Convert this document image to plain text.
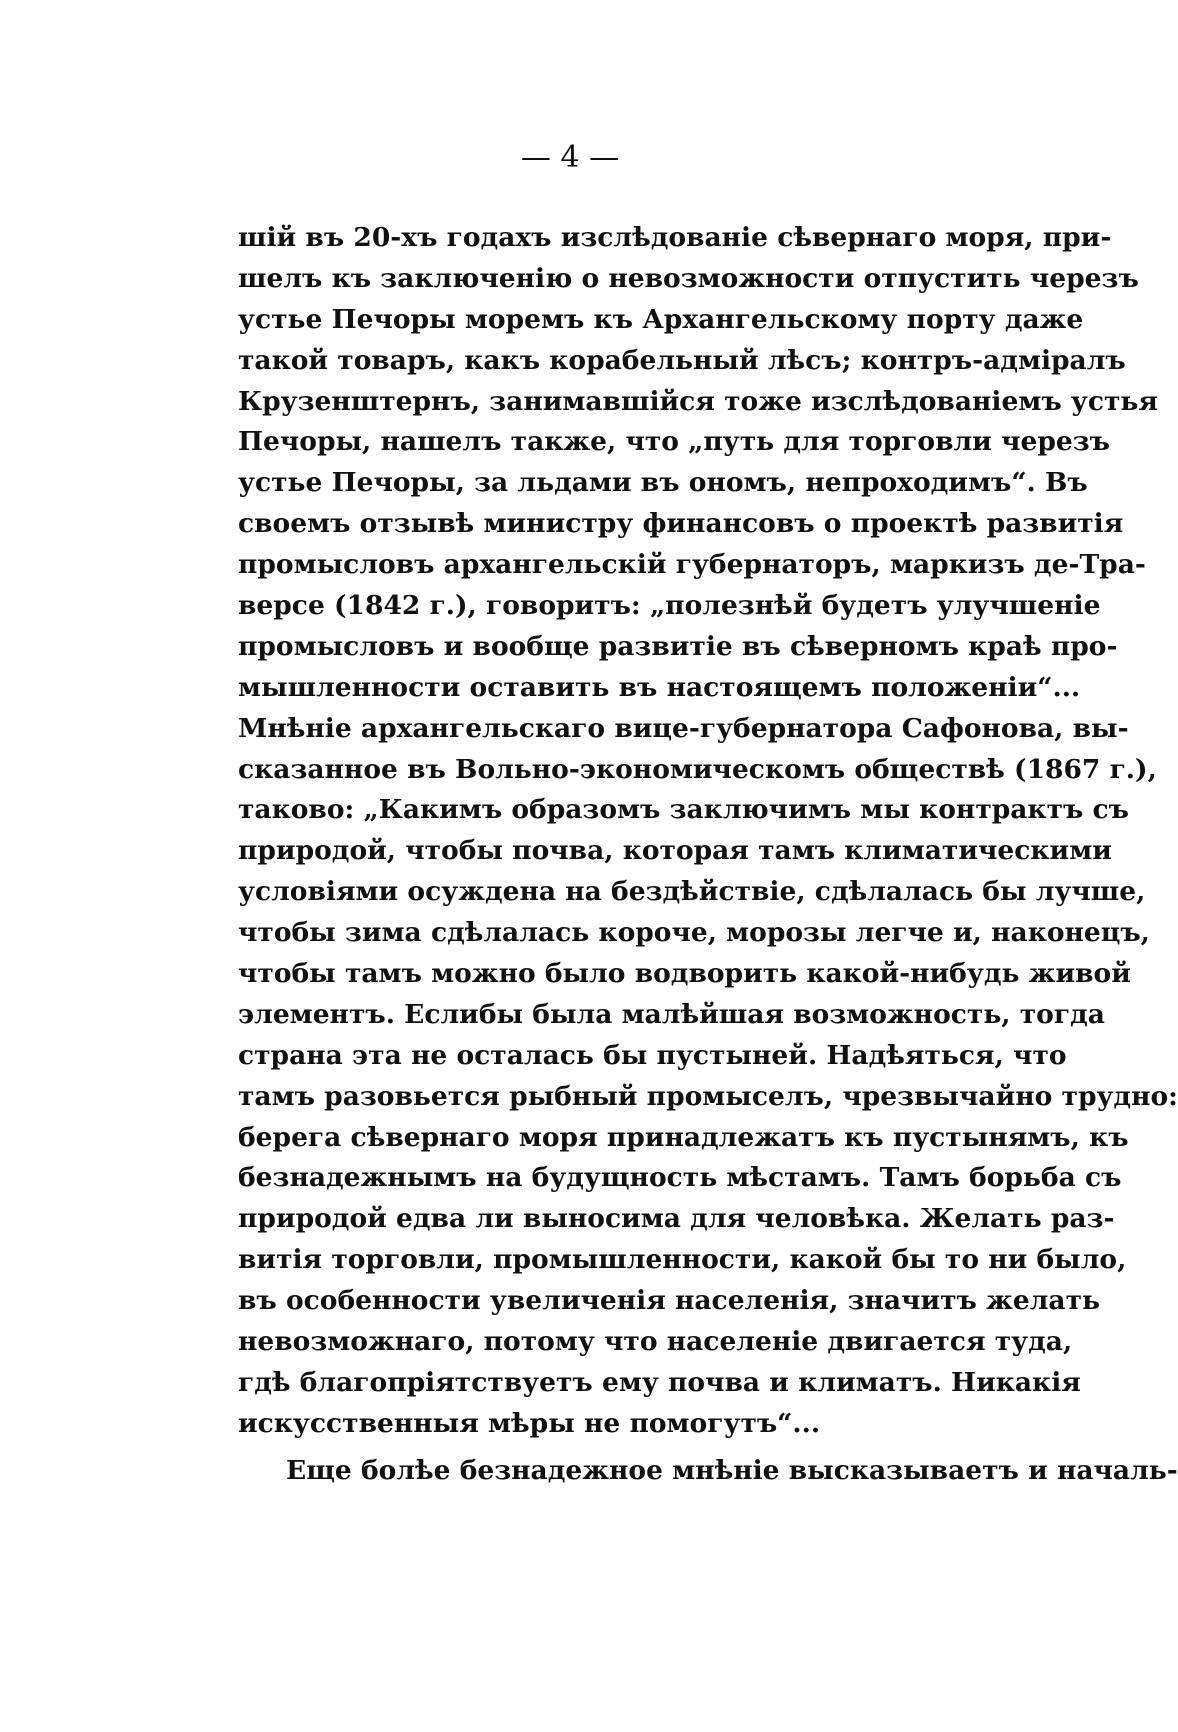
— 4 —
шій въ 20-хъ годахъ изслѣдованіе сѣвернаго моря, при-
шелъ къ заключенію о невозможности отпустить черезъ
устье Печоры моремъ къ Архангельскому порту даже
такой товаръ, какъ корабельный лѣсъ; контръ-адміралъ
Крузенштернъ, занимавшійся тоже изслѣдованіемъ устья
Печоры, нашелъ также, что „путь для торговли черезъ
устье Печоры, за льдами въ ономъ, непроходимъ“. Въ
своемъ отзывѣ министру финансовъ о проектѣ развитія
промысловъ архангельскій губернаторъ, маркизъ де-Тра-
версе (1842 г.), говоритъ: „полезнѣй будетъ улучшеніе
промысловъ и вообще развитіе въ сѣверномъ краѣ про-
мышленности оставить въ настоящемъ положеніи“...
Мнѣніе архангельскаго вице-губернатора Сафонова, вы-
сказанное въ Вольно-экономическомъ обществѣ (1867 г.),
таково: „Какимъ образомъ заключимъ мы контрактъ съ
природой, чтобы почва, которая тамъ климатическими
условіями осуждена на бездѣйствіе, сдѣлалась бы лучше,
чтобы зима сдѣлалась короче, морозы легче и, наконецъ,
чтобы тамъ можно было водворить какой-нибудь живой
элементъ. Еслибы была малѣйшая возможность, тогда
страна эта не осталась бы пустыней. Надѣяться, что
тамъ разовьется рыбный промыселъ, чрезвычайно трудно:
берега сѣвернаго моря принадлежатъ къ пустынямъ, къ
безнадежнымъ на будущность мѣстамъ. Тамъ борьба съ
природой едва ли выносима для человѣка. Желать раз-
витія торговли, промышленности, какой бы то ни было,
въ особенности увеличенія населенія, значитъ желать
невозможнаго, потому что населеніе двигается туда,
гдѣ благопріятствуетъ ему почва и климатъ. Никакія
искусственныя мѣры не помогутъ“...
Еще болѣе безнадежное мнѣніе высказываетъ и началь-
